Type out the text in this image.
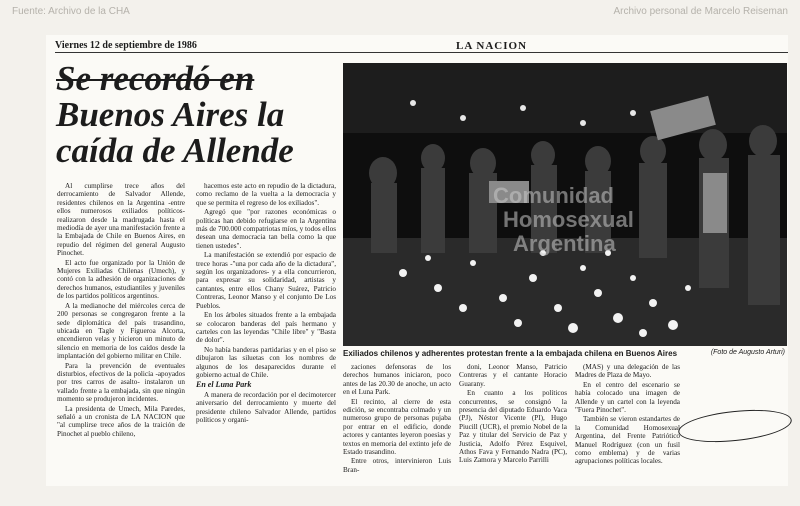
Fuente: Archivo de la CHA	Archivo personal de Marcelo Reiseman
Viernes 12 de septiembre de 1986	LA NACION
Se recordó en
Buenos Aires la
caída de Allende
Comunidad
Homosexual
Argentina
Exiliados chilenos y adherentes protestan frente a la embajada chilena en Buenos Aires	(Foto de Augusto Arturi)

Al cumplirse trece años del derrocamiento de Salvador Allende, residentes chilenos en la Argentina -entre ellos numerosos exiliados políticos- realizaron desde la madrugada hasta el mediodía de ayer una manifestación frente a la Embajada de Chile en Buenos Aires, en repudio del régimen del general Augusto Pinochet.

El acto fue organizado por la Unión de Mujeres Exiliadas Chilenas (Umech), y contó con la adhesión de organizaciones de derechos humanos, estudiantiles y juveniles de los partidos políticos argentinos.

A la medianoche del miércoles cerca de 200 personas se congregaron frente a la sede diplomática del país trasandino, ubicada en Tagle y Figueroa Alcorta, encendieron velas y hicieron un minuto de silencio en memoria de los caídos desde la implantación del gobierno militar en Chile.

Para la prevención de eventuales disturbios, efectivos de la policía -apoyados por tres carros de asalto- instalaron un vallado frente a la embajada, sin que ningún momento se produjeron incidentes.

La presidenta de Umech, Mila Paredes, señaló a un cronista de LA NACION que "al cumplirse trece años de la traición de Pinochet al pueblo chileno,

hacemos este acto en repudio de la dictadura, como reclamo de la vuelta a la democracia y que se permita el regreso de los exiliados".

Agregó que "por razones económicas o políticas han debido refugiarse en la Argentina más de 700.000 compatriotas míos, y todos ellos desean una democracia tan bella como la que tienen ustedes".

La manifestación se extendió por espacio de trece horas -"una por cada año de la dictadura", según los organizadores- y a ella concurrieron, para expresar su solidaridad, artistas y cantantes, entre ellos Chany Suárez, Patricio Contreras, Leonor Manso y el conjunto De Los Pueblos.

En los árboles situados frente a la embajada se colocaron banderas del país hermano y carteles con las leyendas "Chile libre" y "Basta de dolor".

No había banderas partidarias y en el piso se dibujaron las siluetas con los nombres de algunos de los desaparecidos durante el gobierno actual de Chile.

En el Luna Park

A manera de recordación por el decimotercer aniversario del derrocamiento y muerte del presidente chileno Salvador Allende, partidos políticos y organi-

zaciones defensoras de los derechos humanos iniciaron, poco antes de las 20.30 de anoche, un acto en el Luna Park.

El recinto, al cierre de esta edición, se encontraba colmado y un numeroso grupo de personas pujaba por entrar en el edificio, donde actores y cantantes leyeron poesías y textos en memoria del extinto jefe de Estado trasandino.

Entre otros, intervinieron Luis Bran-

doni, Leonor Manso, Patricio Contreras y el cantante Horacio Guarany.

En cuanto a los políticos concurrentes, se consignó la presencia del diputado Eduardo Vaca (PJ), Néstor Vicente (PI), Hugo Piucill (UCR), el premio Nobel de la Paz y titular del Servicio de Paz y Justicia, Adolfo Pérez Esquivel, Athos Fava y Fernando Nadra (PC), Luis Zamora y Marcelo Parrilli

(MAS) y una delegación de las Madres de Plaza de Mayo.

En el centro del escenario se había colocado una imagen de Allende y un cartel con la leyenda "Fuera Pinochet".

También se vieron estandartes de la Comunidad Homosexual Argentina, del Frente Patriótico Manuel Rodríguez (con un fusil como emblema) y de varias agrupaciones políticas locales.
